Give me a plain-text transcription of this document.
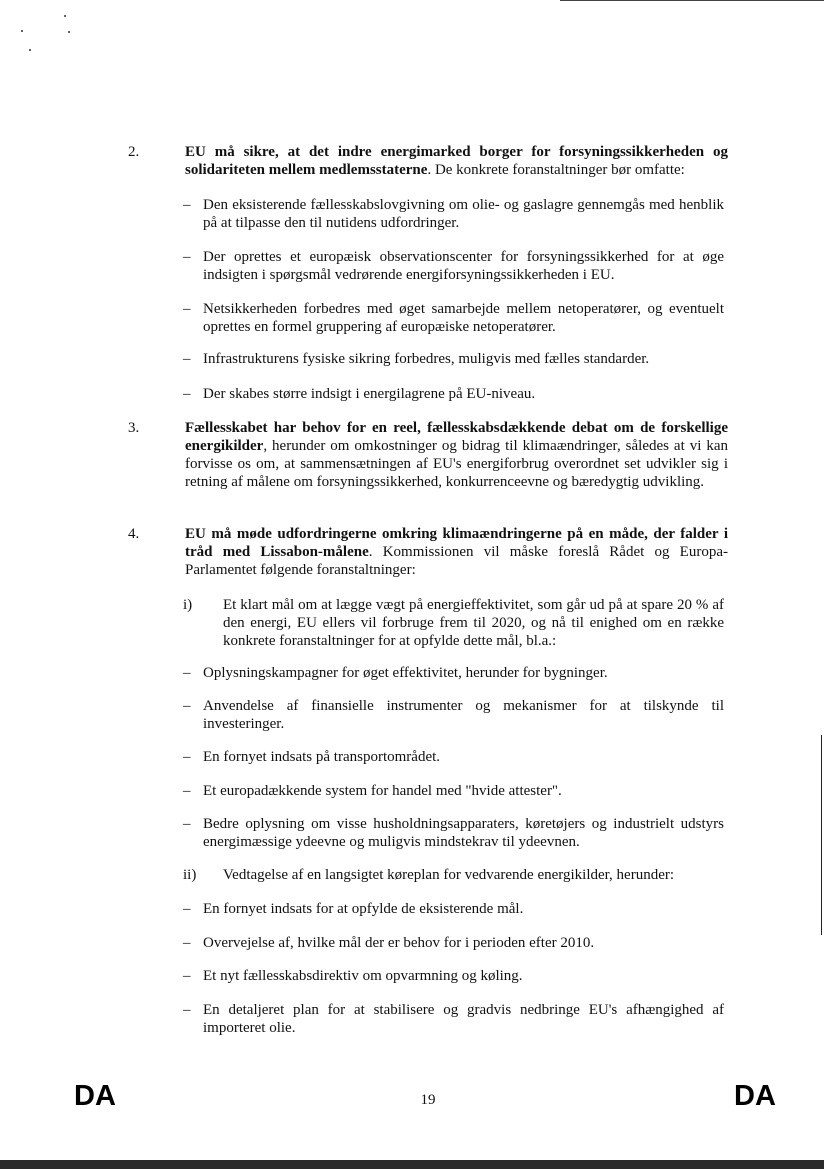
2.	EU må sikre, at det indre energimarked borger for forsyningssikkerheden og solidariteten mellem medlemsstaterne. De konkrete foranstaltninger bør omfatte:

– Den eksisterende fællesskabslovgivning om olie- og gaslagre gennemgås med henblik på at tilpasse den til nutidens udfordringer.

– Der oprettes et europæisk observationscenter for forsyningssikkerhed for at øge indsigten i spørgsmål vedrørende energiforsyningssikkerheden i EU.

– Netsikkerheden forbedres med øget samarbejde mellem netoperatører, og eventuelt oprettes en formel gruppering af europæiske netoperatører.

– Infrastrukturens fysiske sikring forbedres, muligvis med fælles standarder.

– Der skabes større indsigt i energilagrene på EU-niveau.

3.	Fællesskabet har behov for en reel, fællesskabsdækkende debat om de forskellige energikilder, herunder om omkostninger og bidrag til klimaændringer, således at vi kan forvisse os om, at sammensætningen af EU's energiforbrug overordnet set udvikler sig i retning af målene om forsyningssikkerhed, konkurrenceevne og bæredygtig udvikling.

4.	EU må møde udfordringerne omkring klimaændringerne på en måde, der falder i tråd med Lissabon-målene. Kommissionen vil måske foreslå Rådet og Europa-Parlamentet følgende foranstaltninger:

i) Et klart mål om at lægge vægt på energieffektivitet, som går ud på at spare 20 % af den energi, EU ellers vil forbruge frem til 2020, og nå til enighed om en række konkrete foranstaltninger for at opfylde dette mål, bl.a.:

– Oplysningskampagner for øget effektivitet, herunder for bygninger.

– Anvendelse af finansielle instrumenter og mekanismer for at tilskynde til investeringer.

– En fornyet indsats på transportområdet.

– Et europadækkende system for handel med "hvide attester".

– Bedre oplysning om visse husholdningsapparaters, køretøjers og industrielt udstyrs energimæssige ydeevne og muligvis mindstekrav til ydeevnen.

ii) Vedtagelse af en langsigtet køreplan for vedvarende energikilder, herunder:

– En fornyet indsats for at opfylde de eksisterende mål.

– Overvejelse af, hvilke mål der er behov for i perioden efter 2010.

– Et nyt fællesskabsdirektiv om opvarmning og køling.

– En detaljeret plan for at stabilisere og gradvis nedbringe EU's afhængighed af importeret olie.

DA	19	DA
